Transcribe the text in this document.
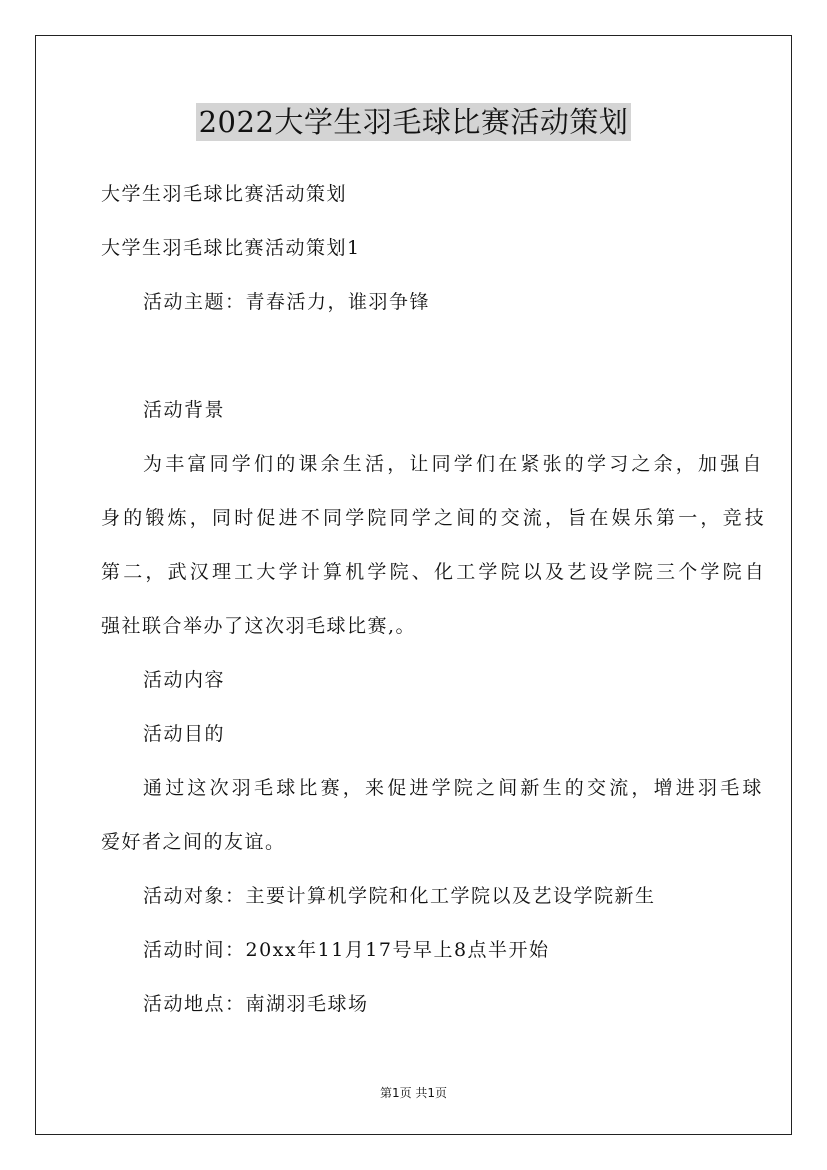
2022大学生羽毛球比赛活动策划
大学生羽毛球比赛活动策划
大学生羽毛球比赛活动策划1
活动主题：青春活力，谁羽争锋
活动背景
为丰富同学们的课余生活，让同学们在紧张的学习之余，加强自
身的锻炼，同时促进不同学院同学之间的交流，旨在娱乐第一，竞技
第二，武汉理工大学计算机学院、化工学院以及艺设学院三个学院自
强社联合举办了这次羽毛球比赛,。
活动内容
活动目的
通过这次羽毛球比赛，来促进学院之间新生的交流，增进羽毛球
爱好者之间的友谊。
活动对象：主要计算机学院和化工学院以及艺设学院新生
活动时间：20xx年11月17号早上8点半开始
活动地点：南湖羽毛球场
第1页 共1页
